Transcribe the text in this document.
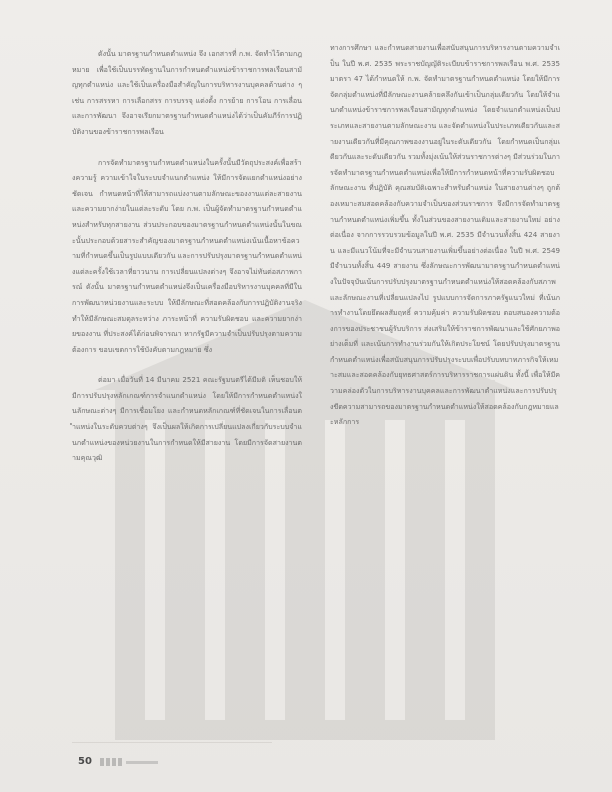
ดังนั้น มาตรฐานกำหนดตำแหน่ง จึง เอกสารที่ ก.พ. จัดทำไว้ตามกฎหมาย เพื่อใช้เป็นบรรทัดฐานในการกำหนดตำแหน่งข้าราชการพลเรือนสามัญทุกตำแหน่ง และใช้เป็นเครื่องมือสำคัญในการบริหารงานบุคคลด้านต่าง ๆ เช่น การสรรหา การเลือกสรร การบรรจุ แต่งตั้ง การย้าย การโอน การเลื่อน และการพัฒนา จึงอาจเรียกมาตรฐานกำหนดตำแหน่งได้ว่าเป็นคัมภีร์การปฏิบัติงานของข้าราชการพลเรือน

การจัดทำมาตรฐานกำหนดตำแหน่งในครั้งนั้นมีวัตถุประสงค์เพื่อสร้างความรู้ ความเข้าใจในระบบจำแนกตำแหน่ง ให้มีการจัดแยกตำแหน่งอย่างชัดเจน กำหนดหน้าที่ให้สามารถแบ่งงานตามลักษณะของงานแต่ละสายงานและความยากง่ายในแต่ละระดับ โดย ก.พ. เป็นผู้จัดทำมาตรฐานกำหนดตำแหน่งสำหรับทุกสายงาน ส่วนประกอบของมาตรฐานกำหนดตำแหน่งนั้นในขณะนั้นประกอบด้วยสาระสำคัญของมาตรฐานกำหนดตำแหน่งเน้นเนื้อหาข้อความที่กำหนดขึ้นเป็นรูปแบบเดียวกัน และการปรับปรุงมาตรฐานกำหนดตำแหน่งแต่ละครั้งใช้เวลาที่ยาวนาน การเปลี่ยนแปลงต่างๆ จึงอาจไม่ทันต่อสภาพการณ์ ดังนั้น มาตรฐานกำหนดตำแหน่งจึงเป็นเครื่องมือบริหารงานบุคคลที่มีในการพัฒนาหน่วยงานและระบบ ให้มีลักษณะที่สอดคล้องกับการปฏิบัติงานจริง ทำให้มีลักษณะสมดุลระหว่าง ภาระหน้าที่ ความรับผิดชอบ และความยากง่ายของงาน ที่ประสงค์ได้ก่อนพิจารณา หากรัฐมีความจำเป็นปรับปรุงตามความต้องการ ขอบเขตการใช้บังคับตามกฎหมาย ซึ่ง

ต่อมา เมื่อวันที่ 14 มีนาคม 2521 คณะรัฐมนตรีได้มีมติ เห็นชอบให้มีการปรับปรุงหลักเกณฑ์การจำแนกตำแหน่ง โดยให้มีการกำหนดตำแหน่งในลักษณะต่างๆ มีการเชื่อมโยง และกำหนดหลักเกณฑ์ที่ชัดเจนในการเลื่อนตำแหน่งในระดับควบต่างๆ จึงเป็นผลให้เกิดการเปลี่ยนแปลงเกี่ยวกับระบบจำแนกตำแหน่งของหน่วยงานในการกำหนดให้มีสายงาน โดยมีการจัดสายงานตามคุณวุฒิ

ทางการศึกษา และกำหนดสายงานเพื่อสนับสนุนการบริหารงานตามความจำเป็น ในปี พ.ศ. 2535 พระราชบัญญัติระเบียบข้าราชการพลเรือน พ.ศ. 2535 มาตรา 47 ได้กำหนดให้ ก.พ. จัดทำมาตรฐานกำหนดตำแหน่ง โดยให้มีการจัดกลุ่มตำแหน่งที่มีลักษณะงานคล้ายคลึงกันเข้าเป็นกลุ่มเดียวกัน โดยให้จำแนกตำแหน่งข้าราชการพลเรือนสามัญทุกตำแหน่ง โดยจำแนกตำแหน่งเป็นประเภทและสายงานตามลักษณะงาน และจัดตำแหน่งในประเภทเดียวกันและสายงานเดียวกันที่มีคุณภาพของงานอยู่ในระดับเดียวกัน โดยกำหนดเป็นกลุ่มเดียวกันและระดับเดียวกัน รวมทั้งมุ่งเน้นให้ส่วนราชการต่างๆ มีส่วนร่วมในการจัดทำมาตรฐานกำหนดตำแหน่งเพื่อให้มีการกำหนดหน้าที่ความรับผิดชอบ ลักษณะงาน ที่ปฏิบัติ คุณสมบัติเฉพาะสำหรับตำแหน่ง ในสายงานต่างๆ ถูกต้องเหมาะสมสอดคล้องกับความจำเป็นของส่วนราชการ จึงมีการจัดทำมาตรฐานกำหนดตำแหน่งเพิ่มขึ้น ทั้งในส่วนของสายงานเดิมและสายงานใหม่ อย่างต่อเนื่อง จากการรวบรวมข้อมูลในปี พ.ศ. 2535 มีจำนวนทั้งสิ้น 424 สายงาน และมีแนวโน้มที่จะมีจำนวนสายงานเพิ่มขึ้นอย่างต่อเนื่อง ในปี พ.ศ. 2549 มีจำนวนทั้งสิ้น 449 สายงาน ซึ่งลักษณะการพัฒนามาตรฐานกำหนดตำแหน่งในปัจจุบันเน้นการปรับปรุงมาตรฐานกำหนดตำแหน่งให้สอดคล้องกับสภาพและลักษณะงานที่เปลี่ยนแปลงไป รูปแบบการจัดการภาครัฐแนวใหม่ ที่เน้นการทำงานโดยยึดผลสัมฤทธิ์ ความคุ้มค่า ความรับผิดชอบ ตอบสนองความต้องการของประชาชนผู้รับบริการ ส่งเสริมให้ข้าราชการพัฒนาและใช้ศักยภาพอย่างเต็มที่ และเน้นการทำงานร่วมกันให้เกิดประโยชน์ โดยปรับปรุงมาตรฐานกำหนดตำแหน่งเพื่อสนับสนุนการปรับปรุงระบบเพื่อปรับบทบาทภารกิจให้เหมาะสมและสอดคล้องกับยุทธศาสตร์การบริหารราชการแผ่นดิน ทั้งนี้ เพื่อให้มีความคล่องตัวในการบริหารงานบุคคลและการพัฒนาตำแหน่งและการปรับปรุงขีดความสามารถของมาตรฐานกำหนดตำแหน่งให้สอดคล้องกับกฎหมายและหลักการ

50
